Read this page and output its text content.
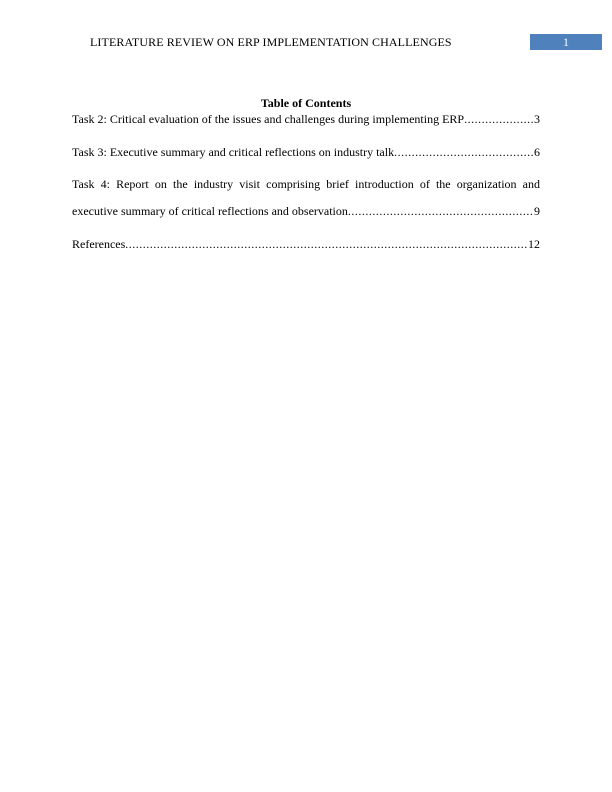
LITERATURE REVIEW ON ERP IMPLEMENTATION CHALLENGES	1
Table of Contents
Task 2: Critical evaluation of the issues and challenges during implementing ERP .....	3
Task 3: Executive summary and critical reflections on industry talk .....	6
Task 4: Report on the industry visit comprising brief introduction of the organization and
executive summary of critical reflections and observation .....	9
References .....	12
